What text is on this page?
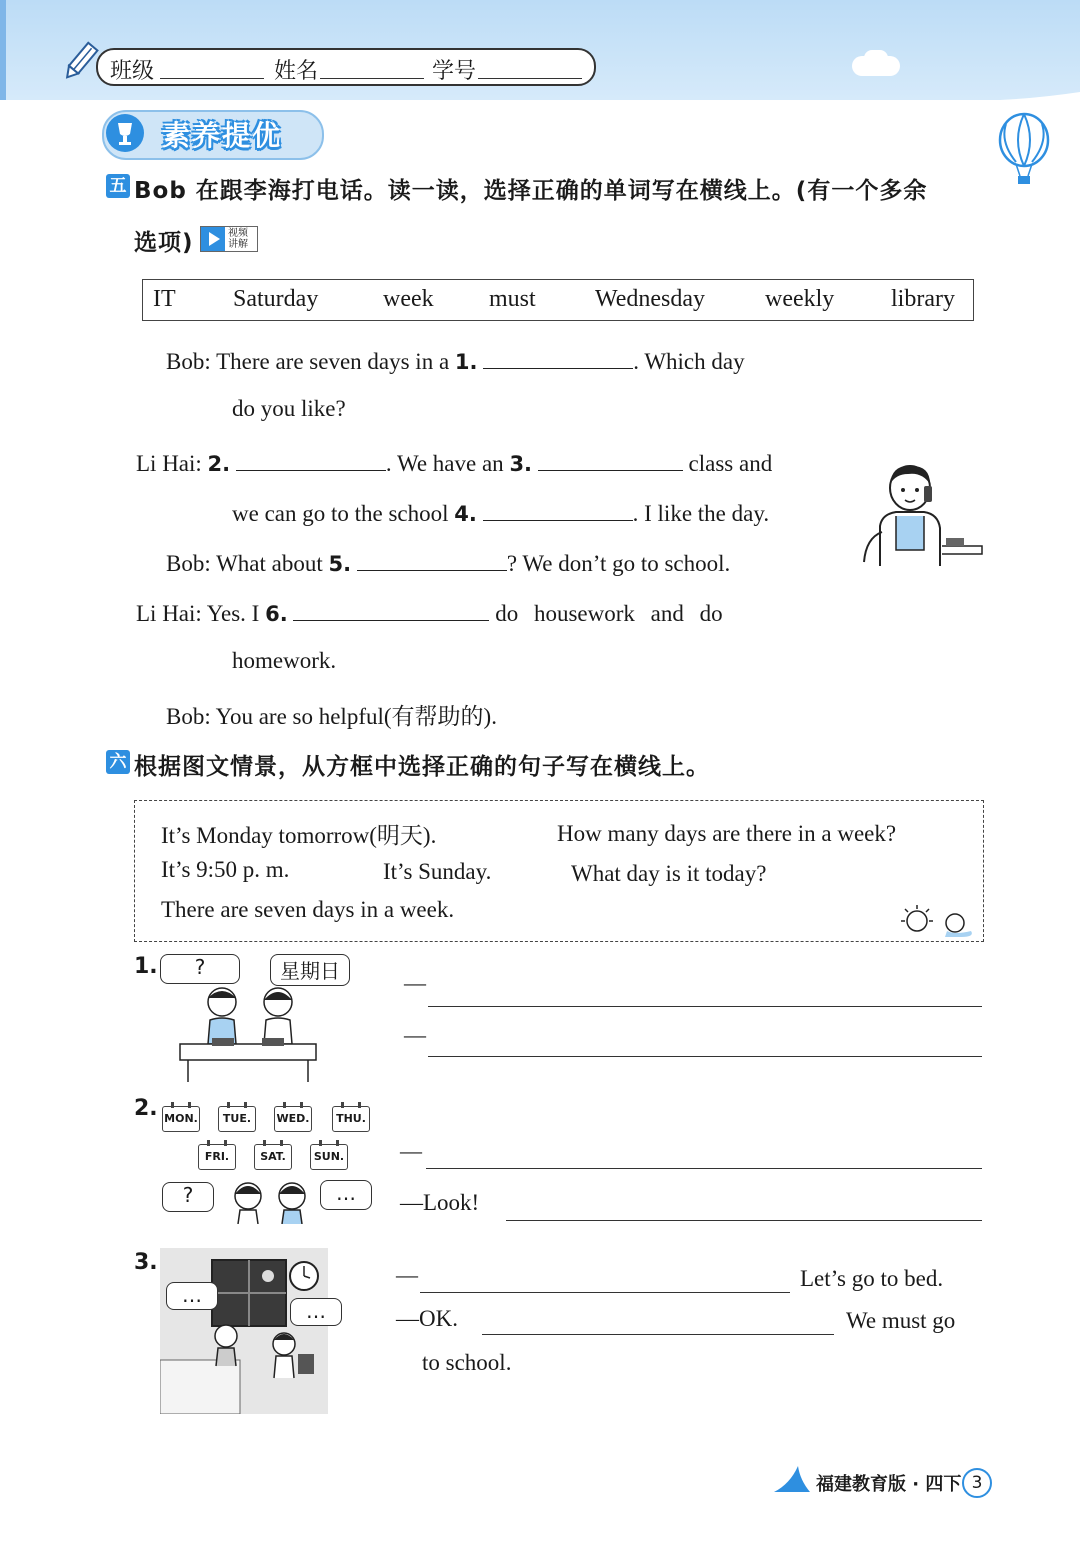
班级	姓名	学号
素养提优
五 Bob 在跟李海打电话。读一读，选择正确的单词写在横线上。(有一个多余
选项)	视频讲解
IT Saturday	week must Wednesday weekly library
Bob: There are seven days in a 1.	. Which day
do you like?
Li Hai: 2.	. We have an 3.	class and
we can go to the school 4.	. I like the day.
Bob: What about 5.	? We don’t go to school.
Li Hai: Yes. I 6.	do housework and do
homework.
Bob: You are so helpful(有帮助的).
六 根据图文情景，从方框中选择正确的句子写在横线上。
It’s Monday tomorrow(明天).	How many days are there in a week?
It’s 9:50 p. m.	It’s Sunday.	What day is it today?
There are seven days in a week.
1.	?	星期日	—
—
2. MON.	TUE.	WED.	THU.
FRI.	SAT.	SUN.
?	…
—
—Look!
3.
…
…
—	Let’s go to bed.
—OK.	We must go
to school.
福建教育版 · 四下 3
